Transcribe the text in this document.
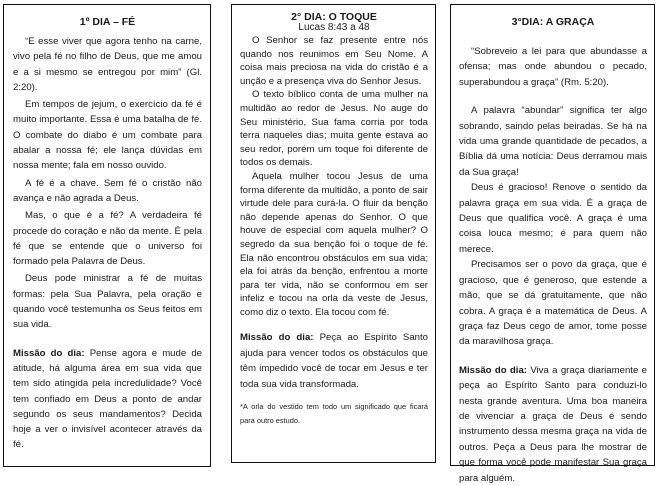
1º DIA – FÉ

“E esse viver que agora tenho na carne, vivo pela fé no filho de Deus, que me amou e a si mesmo se entregou por mim” (Gl. 2:20).

Em tempos de jejum, o exercício da fé é muito importante. Essa é uma batalha de fé. O combate do diabo é um combate para abalar a nossa fé; ele lança dúvidas em nossa mente; fala em nosso ouvido.

A fé é a chave. Sem fé o cristão não avança e não agrada a Deus.

Mas, o que é a fé? A verdadeira fé procede do coração e não da mente. É pela fé que se entende que o universo foi formado pela Palavra de Deus.

Deus pode ministrar a fé de muitas formas: pela Sua Palavra, pela oração e quando você testemunha os Seus feitos em sua vida.

Missão do dia: Pense agora e mude de atitude, há alguma área em sua vida que tem sido atingida pela incredulidade? Você tem confiado em Deus a ponto de andar segundo os seus mandamentos? Decida hoje a ver o invisível acontecer através da fé.

2° DIA: O TOQUE
Lucas 8:43 a 48

O Senhor se faz presente entre nós quando nos reunimos em Seu Nome. A coisa mais preciosa na vida do cristão é a unção e a presença viva do Senhor Jesus.

O texto bíblico conta de uma mulher na multidão ao redor de Jesus. No auge do Seu ministério, Sua fama corria por toda terra naqueles dias; muita gente estava ao seu redor, porém um toque foi diferente de todos os demais.

Aquela mulher tocou Jesus de uma forma diferente da multidão, a ponto de sair virtude dele para curá-la. O fluir da benção não depende apenas do Senhor. O que houve de especial com aquela mulher? O segredo da sua benção foi o toque de fé. Ela não encontrou obstáculos em sua vida; ela foi atrás da benção, enfrentou a morte para ter vida, não se conformou em ser infeliz e tocou na orla da veste de Jesus, como diz o texto. Ela tocou com fé.

Missão do dia: Peça ao Espírito Santo ajuda para vencer todos os obstáculos que têm impedido você de tocar em Jesus e ter toda sua vida transformada.

*A orla do vestido tem todo um significado que ficará para outro estudo.

3°DIA: A GRAÇA

“Sobreveio a lei para que abundasse a ofensa; mas onde abundou o pecado, superabundou a graça” (Rm. 5:20).

A palavra “abundar” significa ter algo sobrando, saindo pelas beiradas. Se há na vida uma grande quantidade de pecados, a Bíblia dá uma notícia: Deus derramou mais da Sua graça!

Deus é gracioso! Renove o sentido da palavra graça em sua vida. É a graça de Deus que qualifica você. A graça é uma coisa louca mesmo; é para quem não merece.

Precisamos ser o povo da graça, que é gracioso, que é generoso, que estende a mão, que se dá gratuitamente, que não cobra. A graça é a matemática de Deus. A graça faz Deus cego de amor, tome posse da maravilhosa graça.

Missão do dia: Viva a graça diariamente e peça ao Espírito Santo para conduzi-lo nesta grande aventura. Uma boa maneira de vivenciar a graça de Deus é sendo instrumento dessa mesma graça na vida de outros. Peça a Deus para lhe mostrar de que forma você pode manifestar Sua graça para alguém.
